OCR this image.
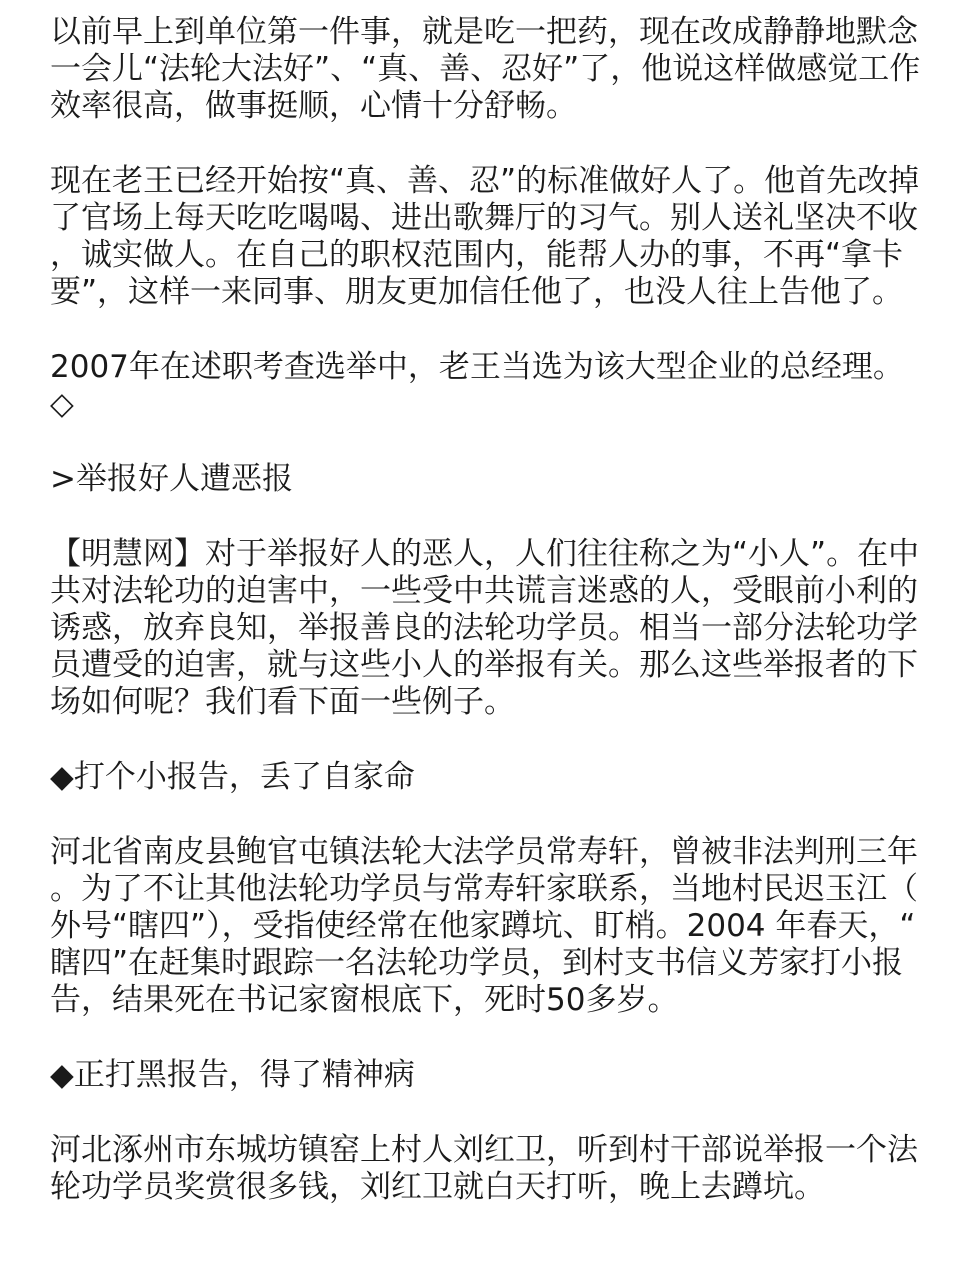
以前早上到单位第一件事，就是吃一把药，现在改成静静地默念
一会儿“法轮大法好”、“真、善、忍好”了，他说这样做感觉工作
效率很高，做事挺顺，心情十分舒畅。
现在老王已经开始按“真、善、忍”的标准做好人了。他首先改掉
了官场上每天吃吃喝喝、进出歌舞厅的习气。别人送礼坚决不收
，诚实做人。在自己的职权范围内，能帮人办的事，不再“拿卡
要”，这样一来同事、朋友更加信任他了，也没人往上告他了。
2007年在述职考查选举中，老王当选为该大型企业的总经理。
◇
>举报好人遭恶报
【明慧网】对于举报好人的恶人，人们往往称之为“小人”。在中
共对法轮功的迫害中，一些受中共谎言迷惑的人，受眼前小利的
诱惑，放弃良知，举报善良的法轮功学员。相当一部分法轮功学
员遭受的迫害，就与这些小人的举报有关。那么这些举报者的下
场如何呢？我们看下面一些例子。
◆打个小报告，丢了自家命
河北省南皮县鲍官屯镇法轮大法学员常寿轩，曾被非法判刑三年
。为了不让其他法轮功学员与常寿轩家联系，当地村民迟玉江（
外号“瞎四”），受指使经常在他家蹲坑、盯梢。2004 年春天，“
瞎四”在赶集时跟踪一名法轮功学员，到村支书信义芳家打小报
告，结果死在书记家窗根底下，死时50多岁。
◆正打黑报告，得了精神病
河北涿州市东城坊镇窑上村人刘红卫，听到村干部说举报一个法
轮功学员奖赏很多钱，刘红卫就白天打听，晚上去蹲坑。
